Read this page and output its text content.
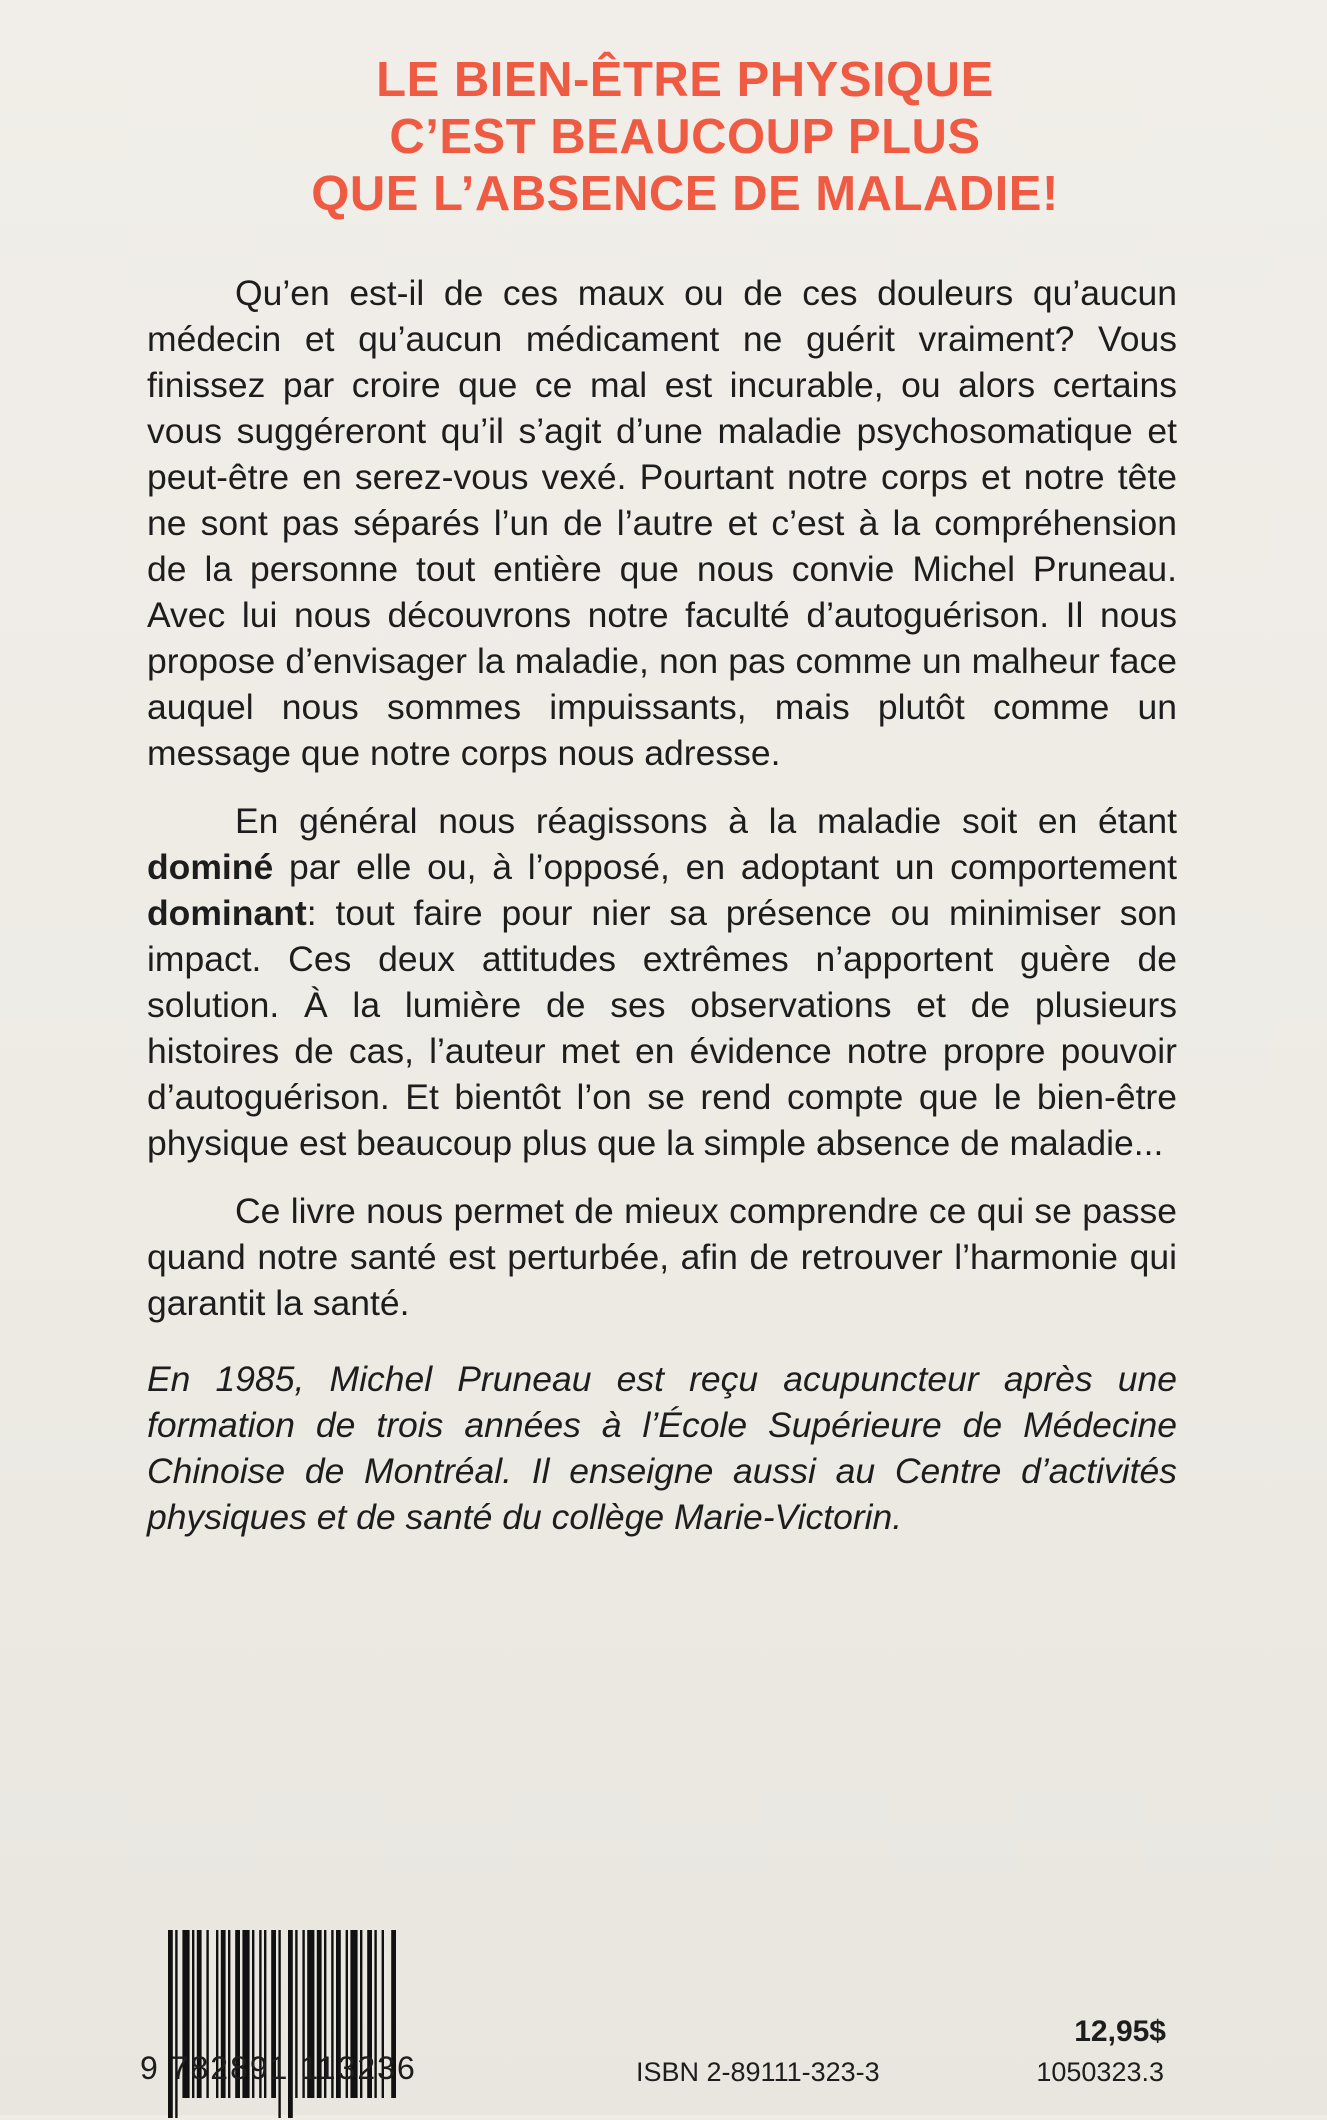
LE BIEN-ÊTRE PHYSIQUE
C’EST BEAUCOUP PLUS
QUE L’ABSENCE DE MALADIE!

Qu’en est-il de ces maux ou de ces douleurs qu’aucun médecin et qu’aucun médicament ne guérit vraiment? Vous finissez par croire que ce mal est incurable, ou alors certains vous suggéreront qu’il s’agit d’une maladie psychosomatique et peut-être en serez-vous vexé. Pourtant notre corps et notre tête ne sont pas séparés l’un de l’autre et c’est à la compréhension de la personne tout entière que nous convie Michel Pruneau. Avec lui nous découvrons notre faculté d’autoguérison. Il nous propose d’envisager la maladie, non pas comme un malheur face auquel nous sommes impuissants, mais plutôt comme un message que notre corps nous adresse.

En général nous réagissons à la maladie soit en étant dominé par elle ou, à l’opposé, en adoptant un comportement dominant: tout faire pour nier sa présence ou minimiser son impact. Ces deux attitudes extrêmes n’apportent guère de solution. À la lumière de ses observations et de plusieurs histoires de cas, l’auteur met en évidence notre propre pouvoir d’autoguérison. Et bientôt l’on se rend compte que le bien-être physique est beaucoup plus que la simple absence de maladie...

Ce livre nous permet de mieux comprendre ce qui se passe quand notre santé est perturbée, afin de retrouver l’harmonie qui garantit la santé.

En 1985, Michel Pruneau est reçu acupuncteur après une formation de trois années à l’École Supérieure de Médecine Chinoise de Montréal. Il enseigne aussi au Centre d’activités physiques et de santé du collège Marie-Victorin.

9 782891 113236	ISBN 2-89111-323-3
12,95$
1050323.3
